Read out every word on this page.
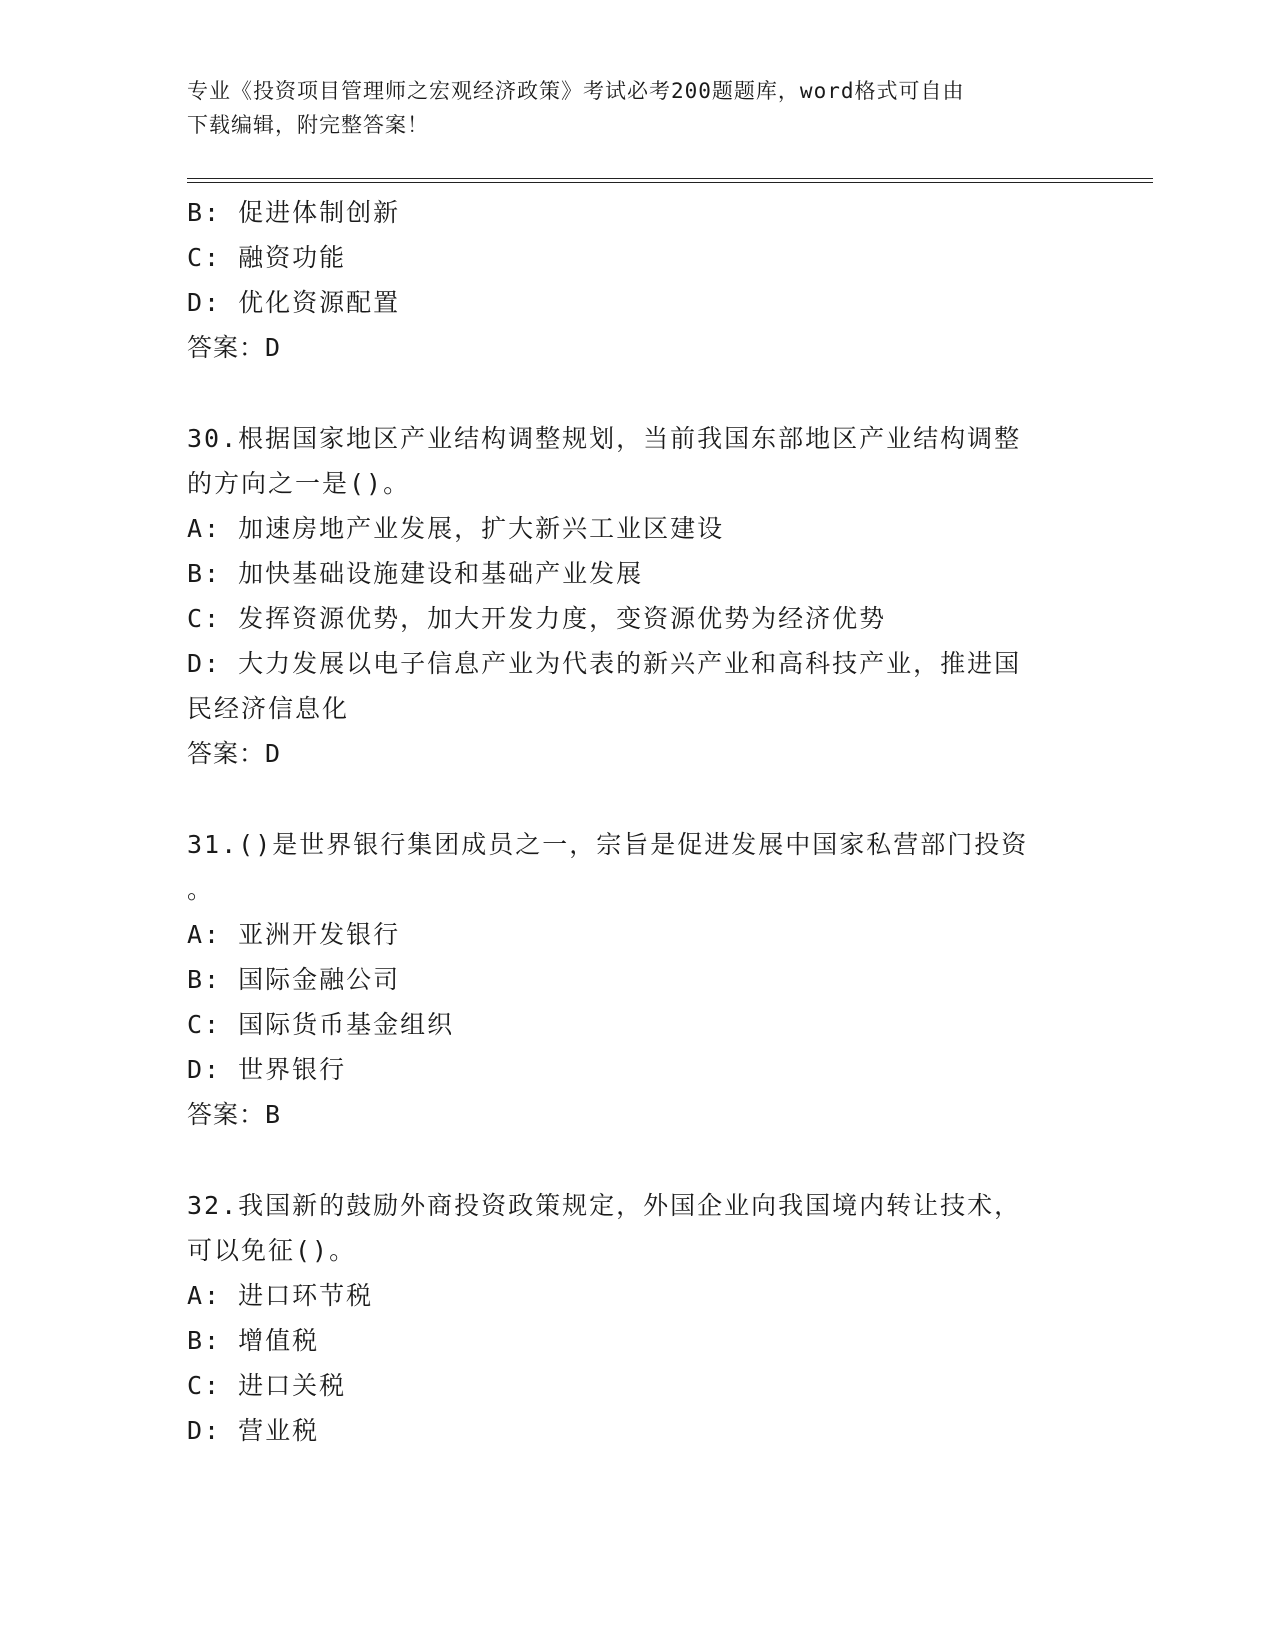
专业《投资项目管理师之宏观经济政策》考试必考200题题库，word格式可自由
下载编辑，附完整答案！
B: 促进体制创新
C: 融资功能
D: 优化资源配置
答案：D
30.根据国家地区产业结构调整规划，当前我国东部地区产业结构调整
的方向之一是()。
A: 加速房地产业发展，扩大新兴工业区建设
B: 加快基础设施建设和基础产业发展
C: 发挥资源优势，加大开发力度，变资源优势为经济优势
D: 大力发展以电子信息产业为代表的新兴产业和高科技产业，推进国
民经济信息化
答案：D
31.()是世界银行集团成员之一，宗旨是促进发展中国家私营部门投资
。
A: 亚洲开发银行
B: 国际金融公司
C: 国际货币基金组织
D: 世界银行
答案：B
32.我国新的鼓励外商投资政策规定，外国企业向我国境内转让技术，
可以免征()。
A: 进口环节税
B: 增值税
C: 进口关税
D: 营业税
